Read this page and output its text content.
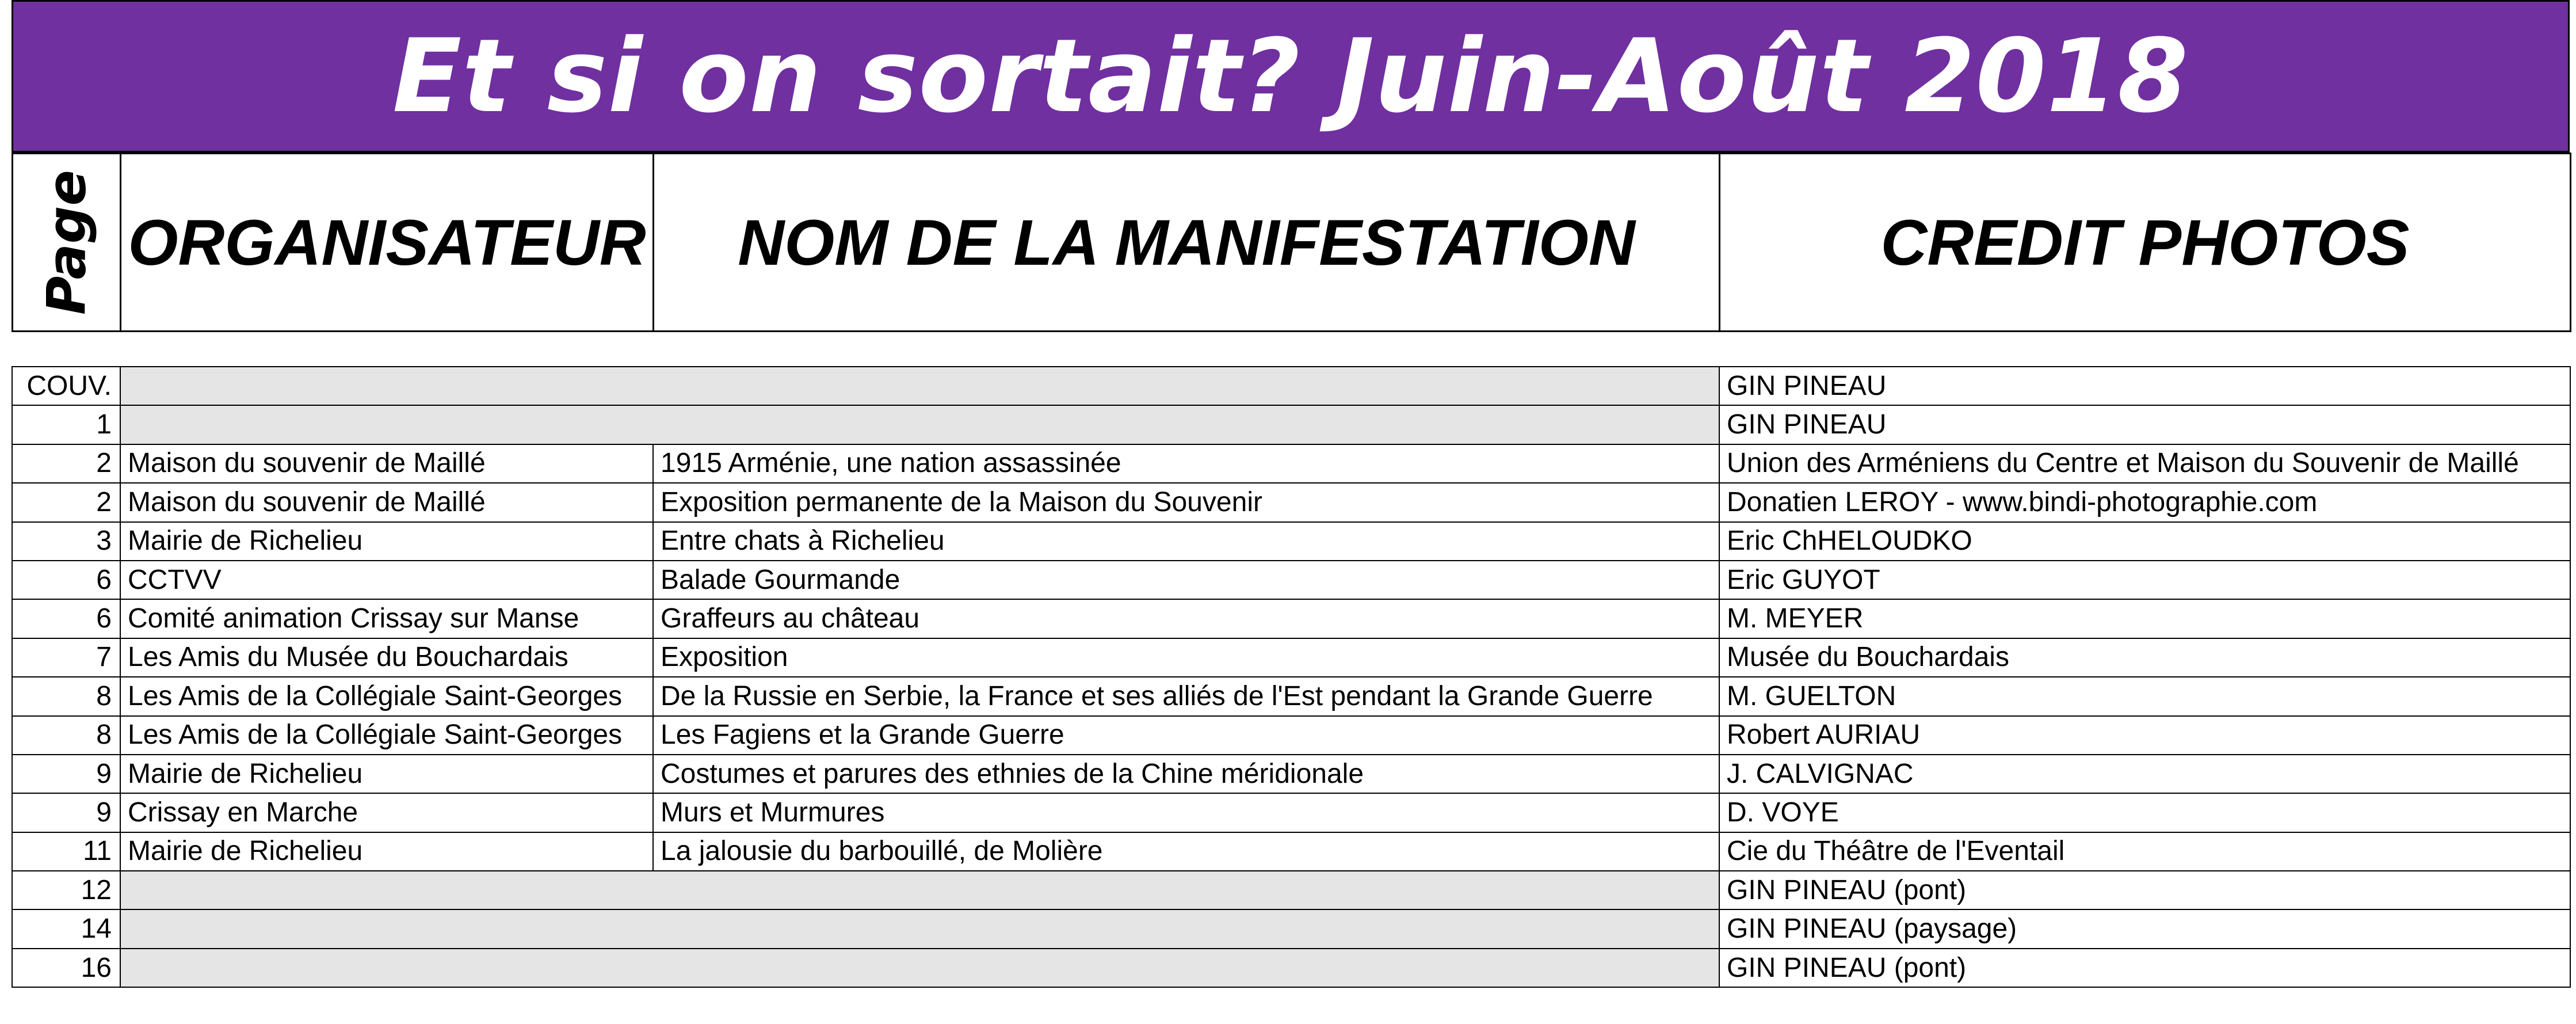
Et si on sortait? Juin-Août 2018
Page	ORGANISATEUR	NOM DE LA MANIFESTATION	CREDIT PHOTOS
COUV.			GIN PINEAU
1			GIN PINEAU
2	Maison du souvenir de Maillé	1915 Arménie, une nation assassinée	Union des Arméniens du Centre et Maison du Souvenir de Maillé
2	Maison du souvenir de Maillé	Exposition permanente de la Maison du Souvenir	Donatien LEROY - www.bindi-photographie.com
3	Mairie de Richelieu	Entre chats à Richelieu	Eric ChHELOUDKO
6	CCTVV	Balade Gourmande	Eric GUYOT
6	Comité animation Crissay sur Manse	Graffeurs au château	M. MEYER
7	Les Amis du Musée du Bouchardais	Exposition	Musée du Bouchardais
8	Les Amis de la Collégiale Saint-Georges	De la Russie en Serbie, la France et ses alliés de l'Est pendant la Grande Guerre	M. GUELTON
8	Les Amis de la Collégiale Saint-Georges	Les Fagiens et la Grande Guerre	Robert AURIAU
9	Mairie de Richelieu	Costumes et parures des ethnies de la Chine méridionale	J. CALVIGNAC
9	Crissay en Marche	Murs et Murmures	D. VOYE
11	Mairie de Richelieu	La jalousie du barbouillé, de Molière	Cie du Théâtre de l'Eventail
12			GIN PINEAU (pont)
14			GIN PINEAU (paysage)
16			GIN PINEAU (pont)
